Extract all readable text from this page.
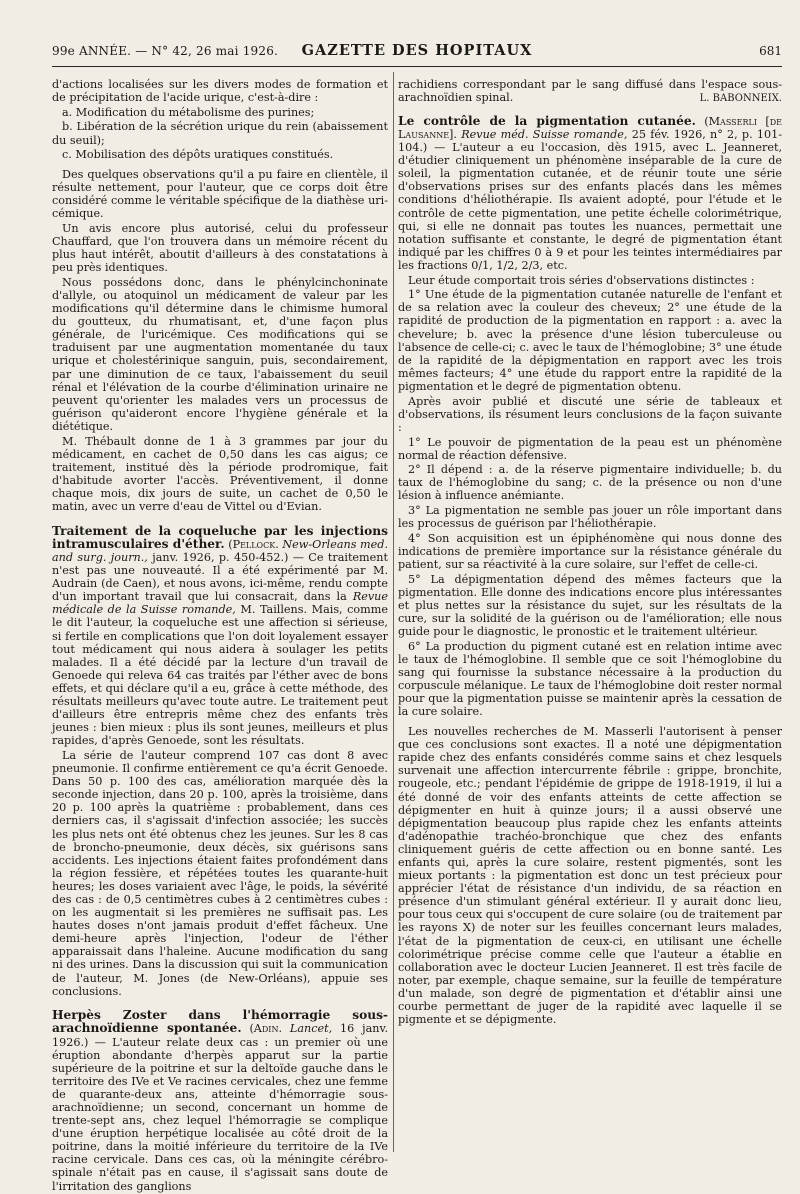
99e ANNÉE. — N° 42, 26 mai 1926.	GAZETTE DES HOPITAUX	681

d'actions localisées sur les divers modes de formation et de précipitation de l'acide urique, c'est-à-dire :

a. Modification du métabolisme des purines;

b. Libération de la sécrétion urique du rein (abaissement du seuil);

c. Mobilisation des dépôts uratiques constitués.

Des quelques observations qu'il a pu faire en clientèle, il résulte nettement, pour l'auteur, que ce corps doit être considéré comme le véritable spécifique de la diathèse uri-cémique.

Un avis encore plus autorisé, celui du professeur Chauffard, que l'on trouvera dans un mémoire récent du plus haut intérêt, aboutit d'ailleurs à des constatations à peu près identiques.

Nous possédons donc, dans le phénylcinchoninate d'allyle, ou atoquinol un médicament de valeur par les modifications qu'il détermine dans le chimisme humoral du goutteux, du rhumatisant, et, d'une façon plus générale, de l'uricémique. Ces modifications qui se traduisent par une augmentation momentanée du taux urique et cholestérinique sanguin, puis, secondairement, par une diminution de ce taux, l'abaissement du seuil rénal et l'élévation de la courbe d'élimination urinaire ne peuvent qu'orienter les malades vers un processus de guérison qu'aideront encore l'hygiène générale et la diététique.

M. Thébault donne de 1 à 3 grammes par jour du médicament, en cachet de 0,50 dans les cas aigus; ce traitement, institué dès la période prodromique, fait d'habitude avorter l'accès. Préventivement, il donne chaque mois, dix jours de suite, un cachet de 0,50 le matin, avec un verre d'eau de Vittel ou d'Evian.

Traitement de la coqueluche par les injections intramusculaires d'éther. (Pellock. New-Orleans med. and surg. journ., janv. 1926, p. 450-452.) — Ce traitement n'est pas une nouveauté. Il a été expérimenté par M. Audrain (de Caen), et nous avons, ici-même, rendu compte d'un important travail que lui consacrait, dans la Revue médicale de la Suisse romande, M. Taillens. Mais, comme le dit l'auteur, la coqueluche est une affection si sérieuse, si fertile en complications que l'on doit loyalement essayer tout médicament qui nous aidera à soulager les petits malades. Il a été décidé par la lecture d'un travail de Genoede qui releva 64 cas traités par l'éther avec de bons effets, et qui déclare qu'il a eu, grâce à cette méthode, des résultats meilleurs qu'avec toute autre. Le traitement peut d'ailleurs être entrepris même chez des enfants très jeunes : bien mieux : plus ils sont jeunes, meilleurs et plus rapides, d'après Genoede, sont les résultats.

La série de l'auteur comprend 107 cas dont 8 avec pneumonie. Il confirme entièrement ce qu'a écrit Genoede. Dans 50 p. 100 des cas, amélioration marquée dès la seconde injection, dans 20 p. 100, après la troisième, dans 20 p. 100 après la quatrième : probablement, dans ces derniers cas, il s'agissait d'infection associée; les succès les plus nets ont été obtenus chez les jeunes. Sur les 8 cas de broncho-pneumonie, deux décès, six guérisons sans accidents. Les injections étaient faites profondément dans la région fessière, et répétées toutes les quarante-huit heures; les doses variaient avec l'âge, le poids, la sévérité des cas : de 0,5 centimètres cubes à 2 centimètres cubes : on les augmentait si les premières ne suffisait pas. Les hautes doses n'ont jamais produit d'effet fâcheux. Une demi-heure après l'injection, l'odeur de l'éther apparaissait dans l'haleine. Aucune modification du sang ni des urines. Dans la discussion qui suit la communication de l'auteur, M. Jones (de New-Orléans), appuie ses conclusions.

Herpès Zoster dans l'hémorragie sous-arachnoïdienne spontanée. (Adin. Lancet, 16 janv. 1926.) — L'auteur relate deux cas : un premier où une éruption abondante d'herpès apparut sur la partie supérieure de la poitrine et sur la deltoïde gauche dans le territoire des IVe et Ve racines cervicales, chez une femme de quarante-deux ans, atteinte d'hémorragie sous-arachnoïdienne; un second, concernant un homme de trente-sept ans, chez lequel l'hémorragie se complique d'une éruption herpétique localisée au côté droit de la poitrine, dans la moitié inférieure du territoire de la IVe racine cervicale. Dans ces cas, où la méningite cérébro-spinale n'était pas en cause, il s'agissait sans doute de l'irritation des ganglions

rachidiens correspondant par le sang diffusé dans l'espace sous-arachnoïdien spinal.	L. BABONNEIX.

Le contrôle de la pigmentation cutanée. (Masserli [de Lausanne]. Revue méd. Suisse romande, 25 fév. 1926, n° 2, p. 101-104.) — L'auteur a eu l'occasion, dès 1915, avec L. Jeanneret, d'étudier cliniquement un phénomène inséparable de la cure de soleil, la pigmentation cutanée, et de réunir toute une série d'observations prises sur des enfants placés dans les mêmes conditions d'héliothérapie. Ils avaient adopté, pour l'étude et le contrôle de cette pigmentation, une petite échelle colorimétrique, qui, si elle ne donnait pas toutes les nuances, permettait une notation suffisante et constante, le degré de pigmentation étant indiqué par les chiffres 0 à 9 et pour les teintes intermédiaires par les fractions 0/1, 1/2, 2/3, etc.

Leur étude comportait trois séries d'observations distinctes :

1° Une étude de la pigmentation cutanée naturelle de l'enfant et de sa relation avec la couleur des cheveux; 2° une étude de la rapidité de production de la pigmentation en rapport : a. avec la chevelure; b. avec la présence d'une lésion tuberculeuse ou l'absence de celle-ci; c. avec le taux de l'hémoglobine; 3° une étude de la rapidité de la dépigmentation en rapport avec les trois mêmes facteurs; 4° une étude du rapport entre la rapidité de la pigmentation et le degré de pigmentation obtenu.

Après avoir publié et discuté une série de tableaux et d'observations, ils résument leurs conclusions de la façon suivante :

1° Le pouvoir de pigmentation de la peau est un phénomène normal de réaction défensive.

2° Il dépend : a. de la réserve pigmentaire individuelle; b. du taux de l'hémoglobine du sang; c. de la présence ou non d'une lésion à influence anémiante.

3° La pigmentation ne semble pas jouer un rôle important dans les processus de guérison par l'héliothérapie.

4° Son acquisition est un épiphénomène qui nous donne des indications de première importance sur la résistance générale du patient, sur sa réactivité à la cure solaire, sur l'effet de celle-ci.

5° La dépigmentation dépend des mêmes facteurs que la pigmentation. Elle donne des indications encore plus intéressantes et plus nettes sur la résistance du sujet, sur les résultats de la cure, sur la solidité de la guérison ou de l'amélioration; elle nous guide pour le diagnostic, le pronostic et le traitement ultérieur.

6° La production du pigment cutané est en relation intime avec le taux de l'hémoglobine. Il semble que ce soit l'hémoglobine du sang qui fournisse la substance nécessaire à la production du corpuscule mélanique. Le taux de l'hémoglobine doit rester normal pour que la pigmentation puisse se maintenir après la cessation de la cure solaire.

Les nouvelles recherches de M. Masserli l'autorisent à penser que ces conclusions sont exactes. Il a noté une dépigmentation rapide chez des enfants considérés comme sains et chez lesquels survenait une affection intercurrente fébrile : grippe, bronchite, rougeole, etc.; pendant l'épidémie de grippe de 1918-1919, il lui a été donné de voir des enfants atteints de cette affection se dépigmenter en huit à quinze jours; il a aussi observé une dépigmentation beaucoup plus rapide chez les enfants atteints d'adénopathie trachéo-bronchique que chez des enfants cliniquement guéris de cette affection ou en bonne santé. Les enfants qui, après la cure solaire, restent pigmentés, sont les mieux portants : la pigmentation est donc un test précieux pour apprécier l'état de résistance d'un individu, de sa réaction en présence d'un stimulant général extérieur. Il y aurait donc lieu, pour tous ceux qui s'occupent de cure solaire (ou de traitement par les rayons X) de noter sur les feuilles concernant leurs malades, l'état de la pigmentation de ceux-ci, en utilisant une échelle colorimétrique précise comme celle que l'auteur a établie en collaboration avec le docteur Lucien Jeanneret. Il est très facile de noter, par exemple, chaque semaine, sur la feuille de température d'un malade, son degré de pigmentation et d'établir ainsi une courbe permettant de juger de la rapidité avec laquelle il se pigmente et se dépigmente.
